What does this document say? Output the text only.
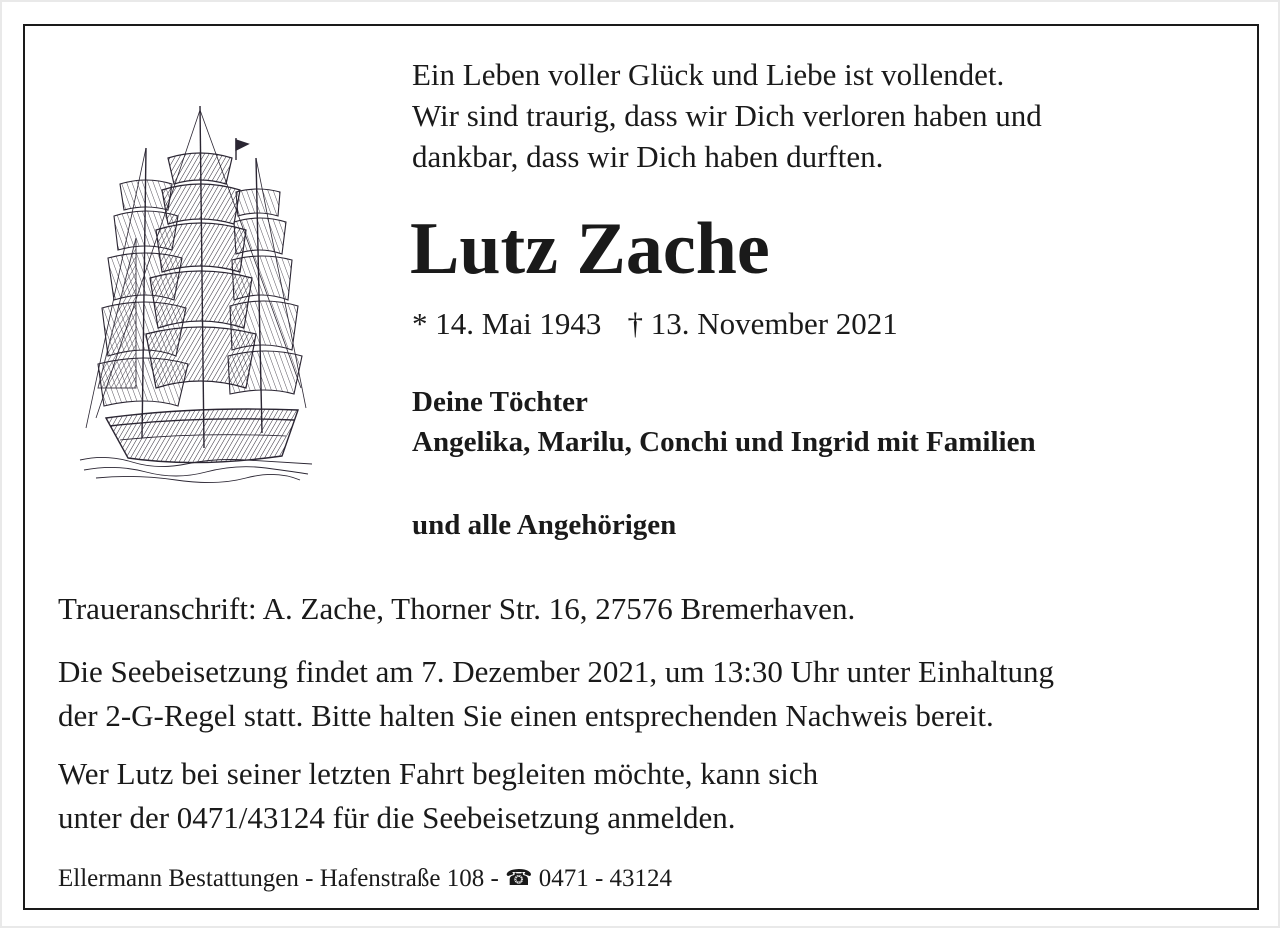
Ein Leben voller Glück und Liebe ist vollendet.
Wir sind traurig, dass wir Dich verloren haben und
dankbar, dass wir Dich haben durften.
Lutz Zache
* 14. Mai 1943 † 13. November 2021
Deine Töchter
Angelika, Marilu, Conchi und Ingrid mit Familien
und alle Angehörigen
Traueranschrift: A. Zache, Thorner Str. 16, 27576 Bremerhaven.
Die Seebeisetzung findet am 7. Dezember 2021, um 13:30 Uhr unter Einhaltung
der 2-G-Regel statt. Bitte halten Sie einen entsprechenden Nachweis bereit.
Wer Lutz bei seiner letzten Fahrt begleiten möchte, kann sich
unter der 0471/43124 für die Seebeisetzung anmelden.
Ellermann Bestattungen - Hafenstraße 108 - ☎ 0471 - 43124
